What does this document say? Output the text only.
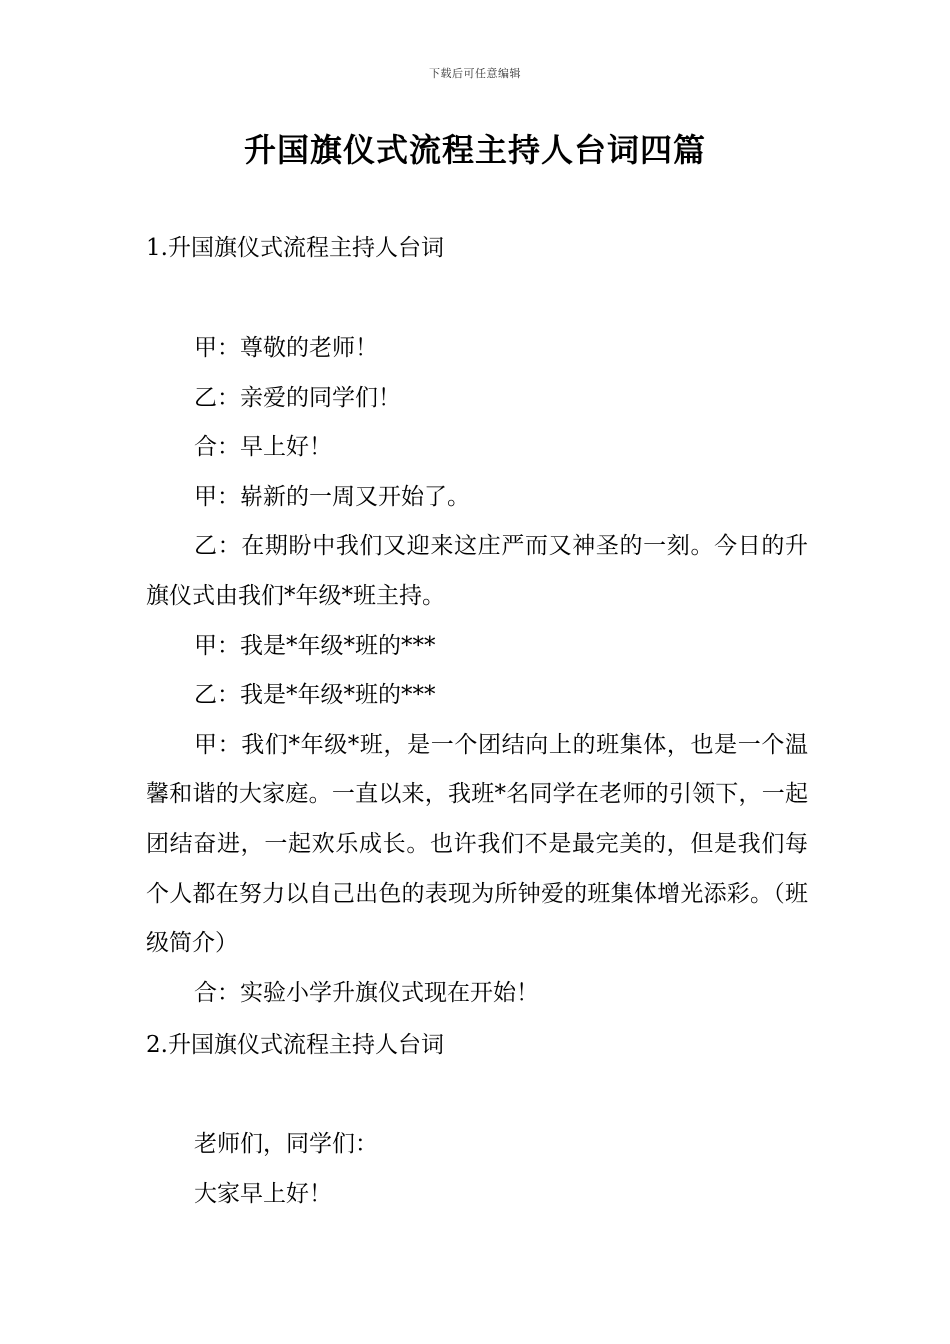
下载后可任意编辑
升国旗仪式流程主持人台词四篇
1.升国旗仪式流程主持人台词

甲：尊敬的老师！

乙：亲爱的同学们！

合：早上好！

甲：崭新的一周又开始了。

乙：在期盼中我们又迎来这庄严而又神圣的一刻。今日的升旗仪式由我们*年级*班主持。

甲：我是*年级*班的***

乙：我是*年级*班的***

甲：我们*年级*班，是一个团结向上的班集体，也是一个温馨和谐的大家庭。一直以来，我班*名同学在老师的引领下，一起团结奋进，一起欢乐成长。也许我们不是最完美的，但是我们每个人都在努力以自己出色的表现为所钟爱的班集体增光添彩。（班级简介）

合：实验小学升旗仪式现在开始！

2.升国旗仪式流程主持人台词

老师们，同学们：

大家早上好！
